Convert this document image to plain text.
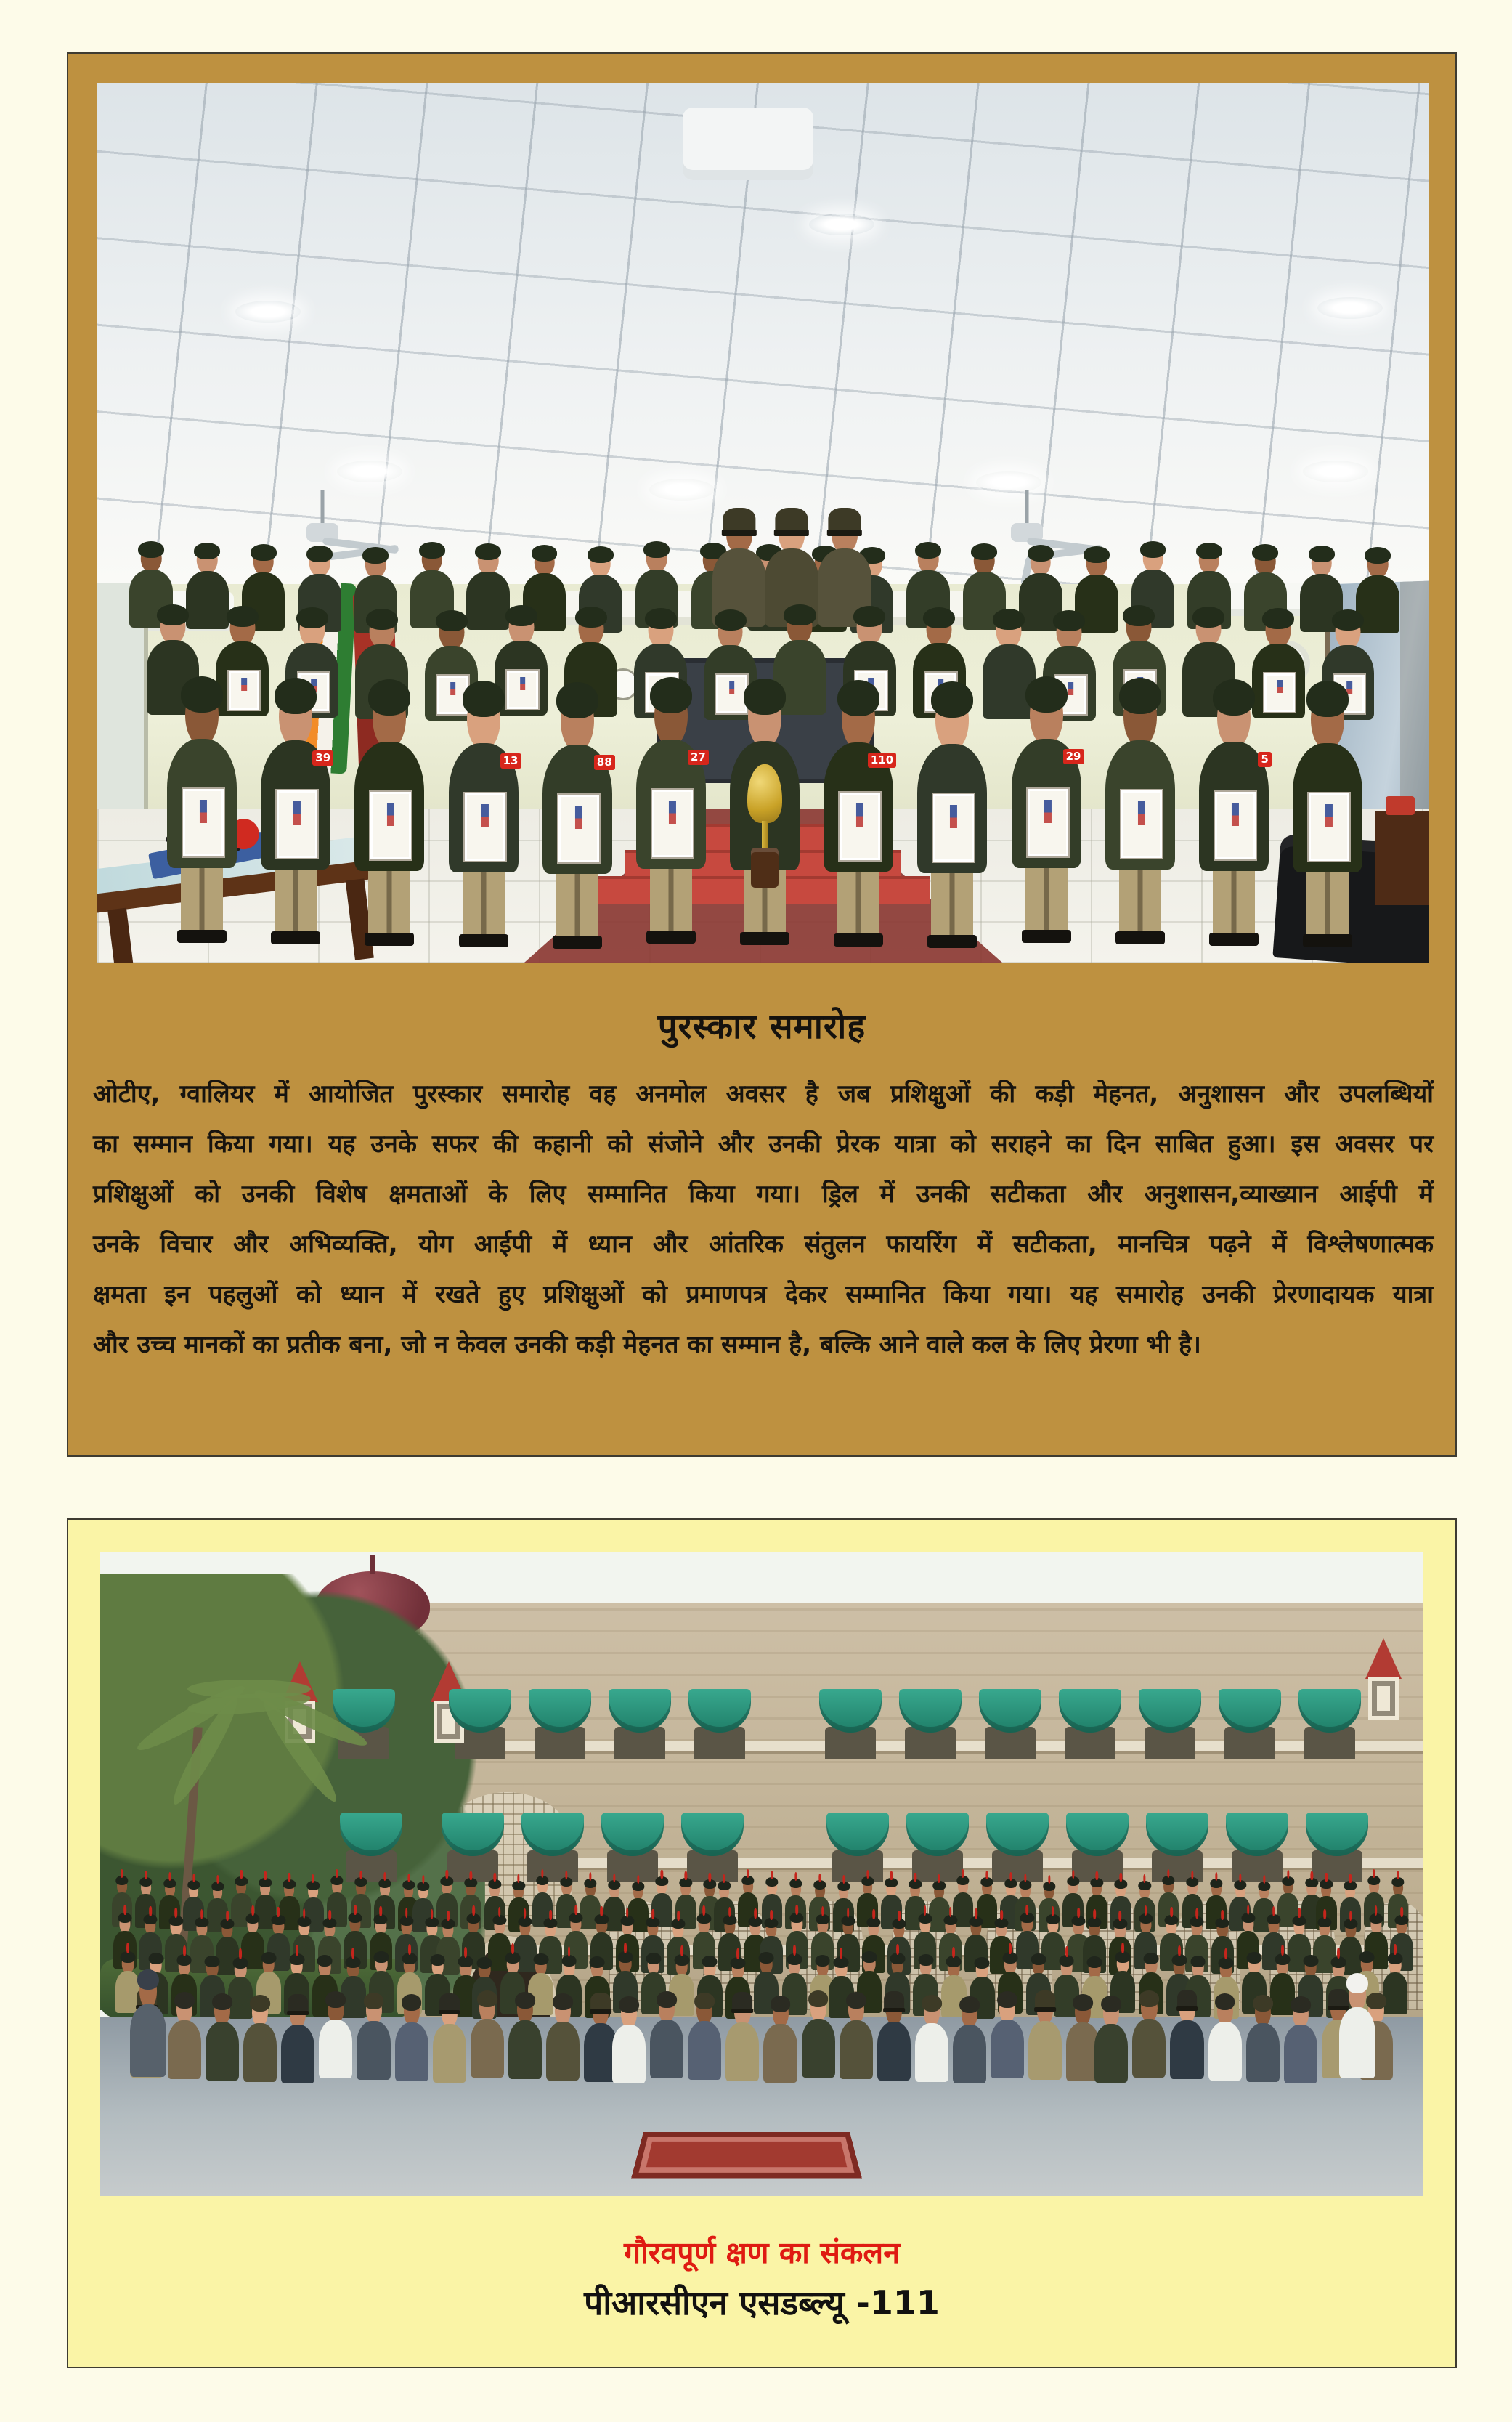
39	13	88	27	110	29	5
पुरस्कार समारोह
ओटीए, ग्वालियर में आयोजित पुरस्कार समारोह वह अनमोल अवसर है जब प्रशिक्षुओं की कड़ी मेहनत, अनुशासन और उपलब्धियों
का सम्मान किया गया। यह उनके सफर की कहानी को संजोने और उनकी प्रेरक यात्रा को सराहने का दिन साबित हुआ। इस अवसर पर
प्रशिक्षुओं को उनकी विशेष क्षमताओं के लिए सम्मानित किया गया। ड्रिल में उनकी सटीकता और अनुशासन,व्याख्यान आईपी में
उनके विचार और अभिव्यक्ति, योग आईपी में ध्यान और आंतरिक संतुलन फायरिंग में सटीकता, मानचित्र पढ़ने में विश्लेषणात्मक
क्षमता इन पहलुओं को ध्यान में रखते हुए प्रशिक्षुओं को प्रमाणपत्र देकर सम्मानित किया गया। यह समारोह उनकी प्रेरणादायक यात्रा
और उच्च मानकों का प्रतीक बना, जो न केवल उनकी कड़ी मेहनत का सम्मान है, बल्कि आने वाले कल के लिए प्रेरणा भी है।
गौरवपूर्ण क्षण का संकलन
पीआरसीएन एसडब्ल्यू -111
